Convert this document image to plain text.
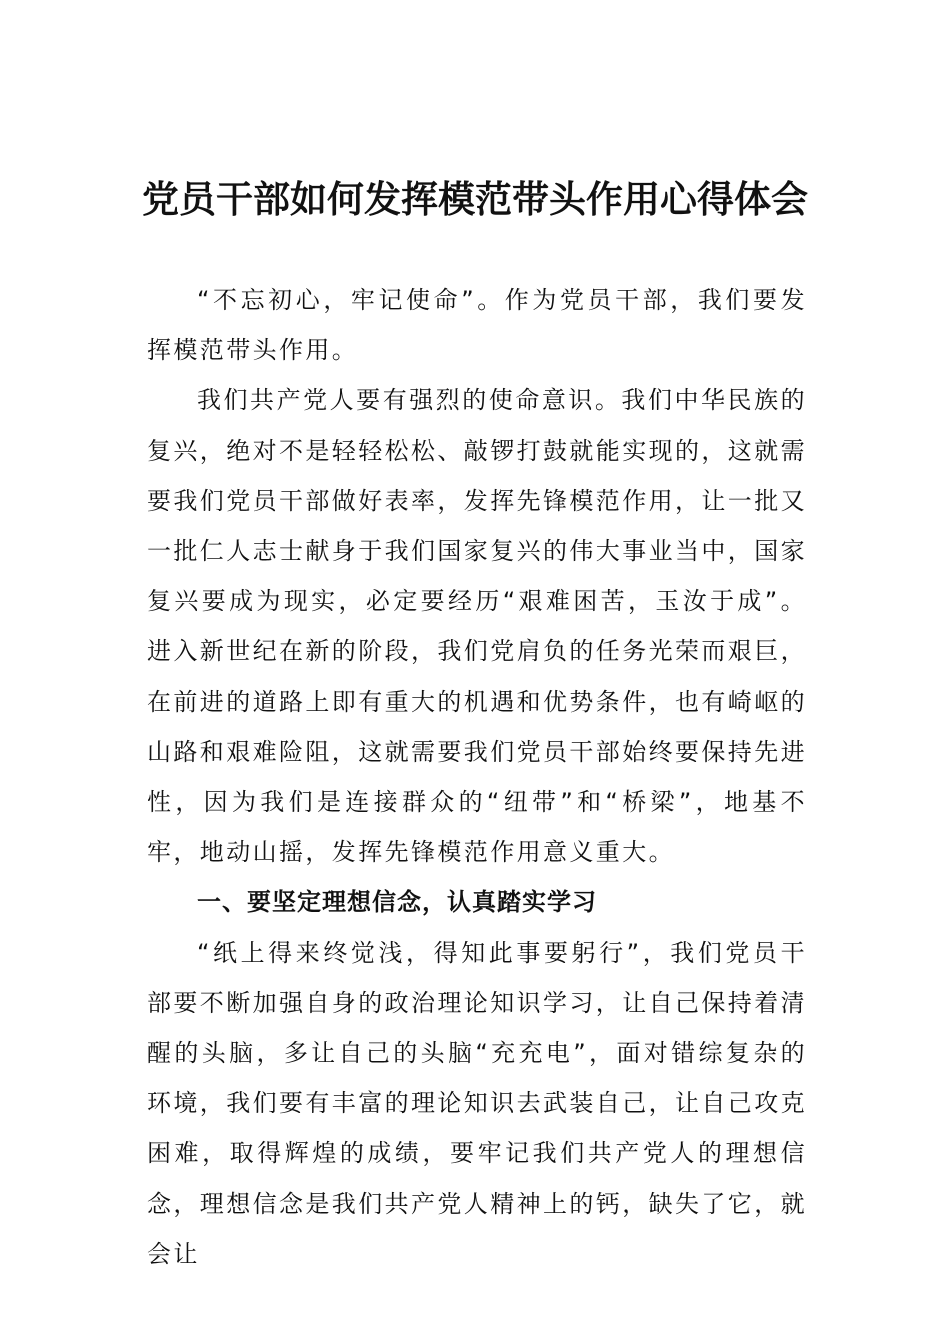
党员干部如何发挥模范带头作用心得体会

“不忘初心，牢记使命”。作为党员干部，我们要发挥模范带头作用。

我们共产党人要有强烈的使命意识。我们中华民族的复兴，绝对不是轻轻松松、敲锣打鼓就能实现的，这就需要我们党员干部做好表率，发挥先锋模范作用，让一批又一批仁人志士献身于我们国家复兴的伟大事业当中，国家复兴要成为现实，必定要经历“艰难困苦，玉汝于成”。进入新世纪在新的阶段，我们党肩负的任务光荣而艰巨，在前进的道路上即有重大的机遇和优势条件，也有崎岖的山路和艰难险阻，这就需要我们党员干部始终要保持先进性，因为我们是连接群众的“纽带”和“桥梁”，地基不牢，地动山摇，发挥先锋模范作用意义重大。

一、要坚定理想信念，认真踏实学习

“纸上得来终觉浅，得知此事要躬行”，我们党员干部要不断加强自身的政治理论知识学习，让自己保持着清醒的头脑，多让自己的头脑“充充电”，面对错综复杂的环境，我们要有丰富的理论知识去武装自己，让自己攻克困难，取得辉煌的成绩，要牢记我们共产党人的理想信念，理想信念是我们共产党人精神上的钙，缺失了它，就会让
